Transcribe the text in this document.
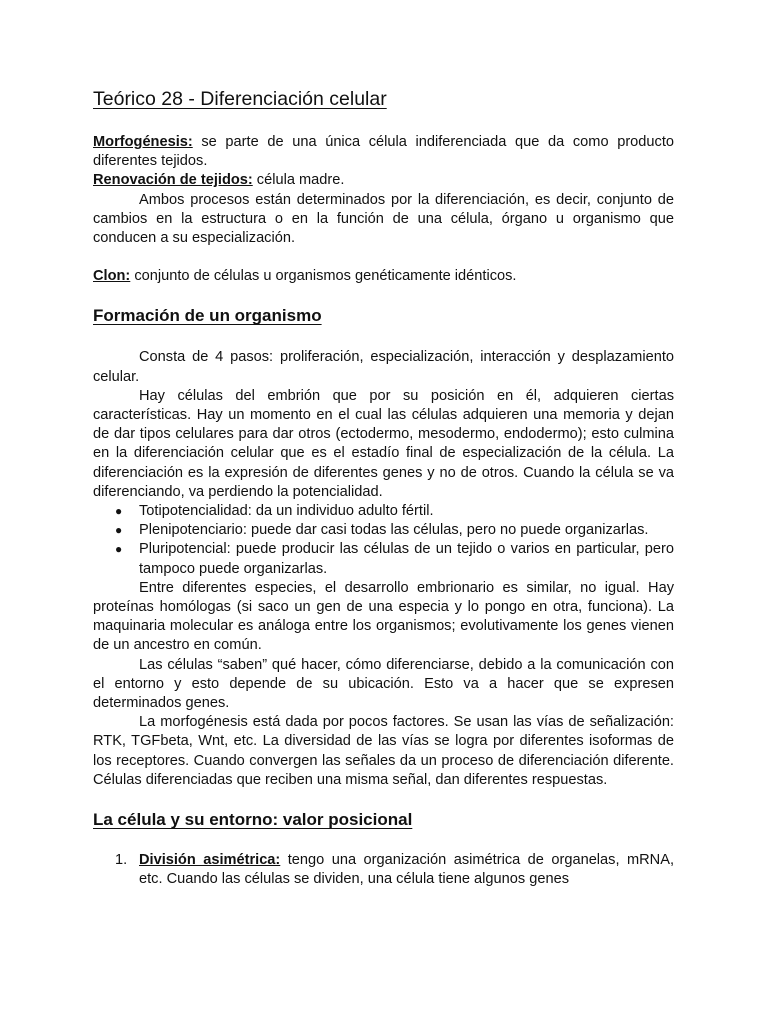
Teórico 28 - Diferenciación celular

Morfogénesis: se parte de una única célula indiferenciada que da como producto diferentes tejidos.

Renovación de tejidos: célula madre.

Ambos procesos están determinados por la diferenciación, es decir, conjunto de cambios en la estructura o en la función de una célula, órgano u organismo que conducen a su especialización.

Clon: conjunto de células u organismos genéticamente idénticos.

Formación de un organismo

Consta de 4 pasos: proliferación, especialización, interacción y desplazamiento celular.

Hay células del embrión que por su posición en él, adquieren ciertas características. Hay un momento en el cual las células adquieren una memoria y dejan de dar tipos celulares para dar otros (ectodermo, mesodermo, endodermo); esto culmina en la diferenciación celular que es el estadío final de especialización de la célula. La diferenciación es la expresión de diferentes genes y no de otros. Cuando la célula se va diferenciando, va perdiendo la potencialidad.

● Totipotencialidad: da un individuo adulto fértil.
● Plenipotenciario: puede dar casi todas las células, pero no puede organizarlas.
● Pluripotencial: puede producir las células de un tejido o varios en particular, pero tampoco puede organizarlas.

Entre diferentes especies, el desarrollo embrionario es similar, no igual. Hay proteínas homólogas (si saco un gen de una especia y lo pongo en otra, funciona). La maquinaria molecular es análoga entre los organismos; evolutivamente los genes vienen de un ancestro en común.

Las células “saben” qué hacer, cómo diferenciarse, debido a la comunicación con el entorno y esto depende de su ubicación. Esto va a hacer que se expresen determinados genes.

La morfogénesis está dada por pocos factores. Se usan las vías de señalización: RTK, TGFbeta, Wnt, etc. La diversidad de las vías se logra por diferentes isoformas de los receptores. Cuando convergen las señales da un proceso de diferenciación diferente. Células diferenciadas que reciben una misma señal, dan diferentes respuestas.

La célula y su entorno: valor posicional
1. División asimétrica: tengo una organización asimétrica de organelas, mRNA, etc. Cuando las células se dividen, una célula tiene algunos genes
